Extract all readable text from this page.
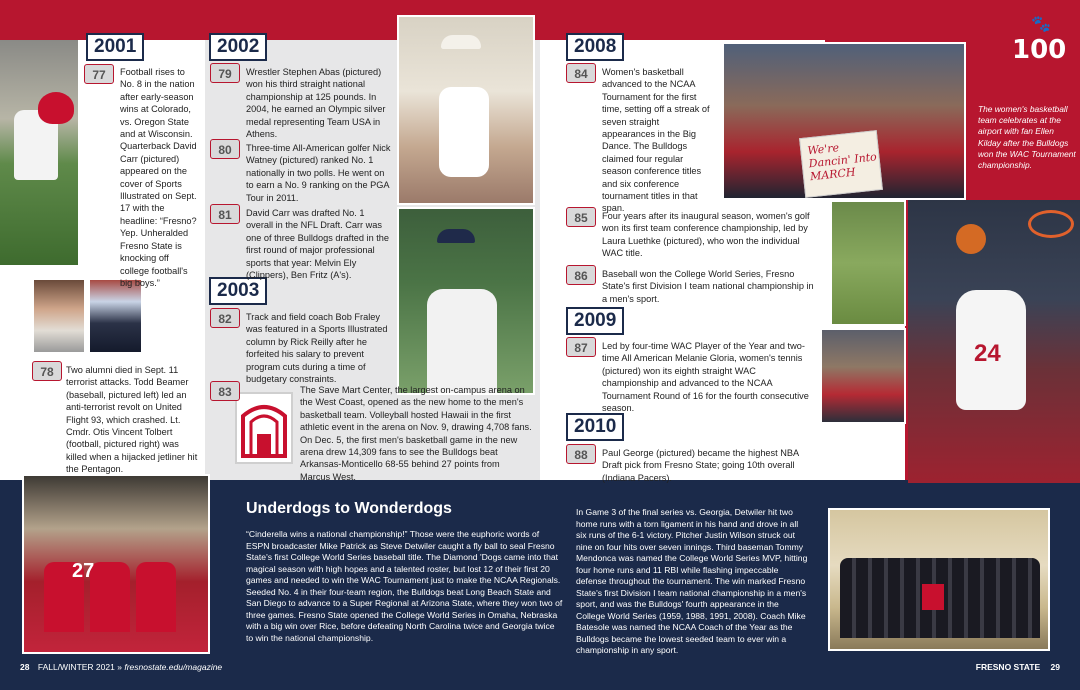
🐾
100
We're Dancin' Into MARCH
24
27
2001	2002
2003
2008
2009
2010
77	Football rises to No. 8 in the nation after early-season wins at Colorado, vs. Oregon State and at Wisconsin. Quarterback David Carr (pictured) appeared on the cover of Sports Illustrated on Sept. 17 with the headline: “Fresno? Yep. Unheralded Fresno State is knocking off college football's big boys.”
78	Two alumni died in Sept. 11 terrorist attacks. Todd Beamer (baseball, pictured left) led an anti-terrorist revolt on United Flight 93, which crashed. Lt. Cmdr. Otis Vincent Tolbert (football, pictured right) was killed when a hijacked jetliner hit the Pentagon.
79	Wrestler Stephen Abas (pictured) won his third straight national championship at 125 pounds. In 2004, he earned an Olympic silver medal representing Team USA in Athens.
80	Three-time All-American golfer Nick Watney (pictured) ranked No. 1 nationally in two polls. He went on to earn a No. 9 ranking on the PGA Tour in 2011.
81	David Carr was drafted No. 1 overall in the NFL Draft. Carr was one of three Bulldogs drafted in the first round of major professional sports that year: Melvin Ely (Clippers), Ben Fritz (A's).
82	Track and field coach Bob Fraley was featured in a Sports Illustrated column by Rick Reilly after he forfeited his salary to prevent program cuts during a time of budgetary constraints.
83	The Save Mart Center, the largest on-campus arena on the West Coast, opened as the new home to the men's basketball team. Volleyball hosted Hawaii in the first athletic event in the arena on Nov. 9, drawing 4,708 fans. On Dec. 5, the first men's basketball game in the new arena drew 14,309 fans to see the Bulldogs beat Arkansas-Monticello 68-55 behind 27 points from Marcus West.
84	Women's basketball advanced to the NCAA Tournament for the first time, setting off a streak of seven straight appearances in the Big Dance. The Bulldogs claimed four regular season conference titles and six conference tournament titles in that span.
85	Four years after its inaugural season, women's golf won its first team conference championship, led by Laura Luethke (pictured), who won the individual WAC title.
86	Baseball won the College World Series, Fresno State's first Division I team national championship in a men's sport.
87	Led by four-time WAC Player of the Year and two-time All American Melanie Gloria, women's tennis (pictured) won its eighth straight WAC championship and advanced to the NCAA Tournament Round of 16 for the fourth consecutive season.
88	Paul George (pictured) became the highest NBA Draft pick from Fresno State; going 10th overall (Indiana Pacers).
The women's basketball team celebrates at the airport with fan Ellen Kilday after the Bulldogs won the WAC Tournament championship.
Underdogs to Wonderdogs
“Cinderella wins a national championship!” Those were the euphoric words of ESPN broadcaster Mike Patrick as Steve Detwiler caught a fly ball to seal Fresno State's first College World Series baseball title. The Diamond 'Dogs came into that magical season with high hopes and a talented roster, but lost 12 of their first 20 games and needed to win the WAC Tournament just to make the NCAA Regionals. Seeded No. 4 in their four-team region, the Bulldogs beat Long Beach State and San Diego to advance to a Super Regional at Arizona State, where they won two of three games. Fresno State opened the College World Series in Omaha, Nebraska with a big win over Rice, before defeating North Carolina twice and Georgia twice to win the national championship.
In Game 3 of the final series vs. Georgia, Detwiler hit two home runs with a torn ligament in his hand and drove in all six runs of the 6-1 victory. Pitcher Justin Wilson struck out nine on four hits over seven innings. Third baseman Tommy Mendonca was named the College World Series MVP, hitting four home runs and 11 RBI while flashing impeccable defense throughout the tournament. The win marked Fresno State's first Division I team national championship in a men's sport, and was the Bulldogs' fourth appearance in the College World Series (1959, 1988, 1991, 2008). Coach Mike Batesole was named the NCAA Coach of the Year as the Bulldogs became the lowest seeded team to ever win a championship in any sport.
28 FALL/WINTER 2021 » fresnostate.edu/magazine	FRESNO STATE 29
